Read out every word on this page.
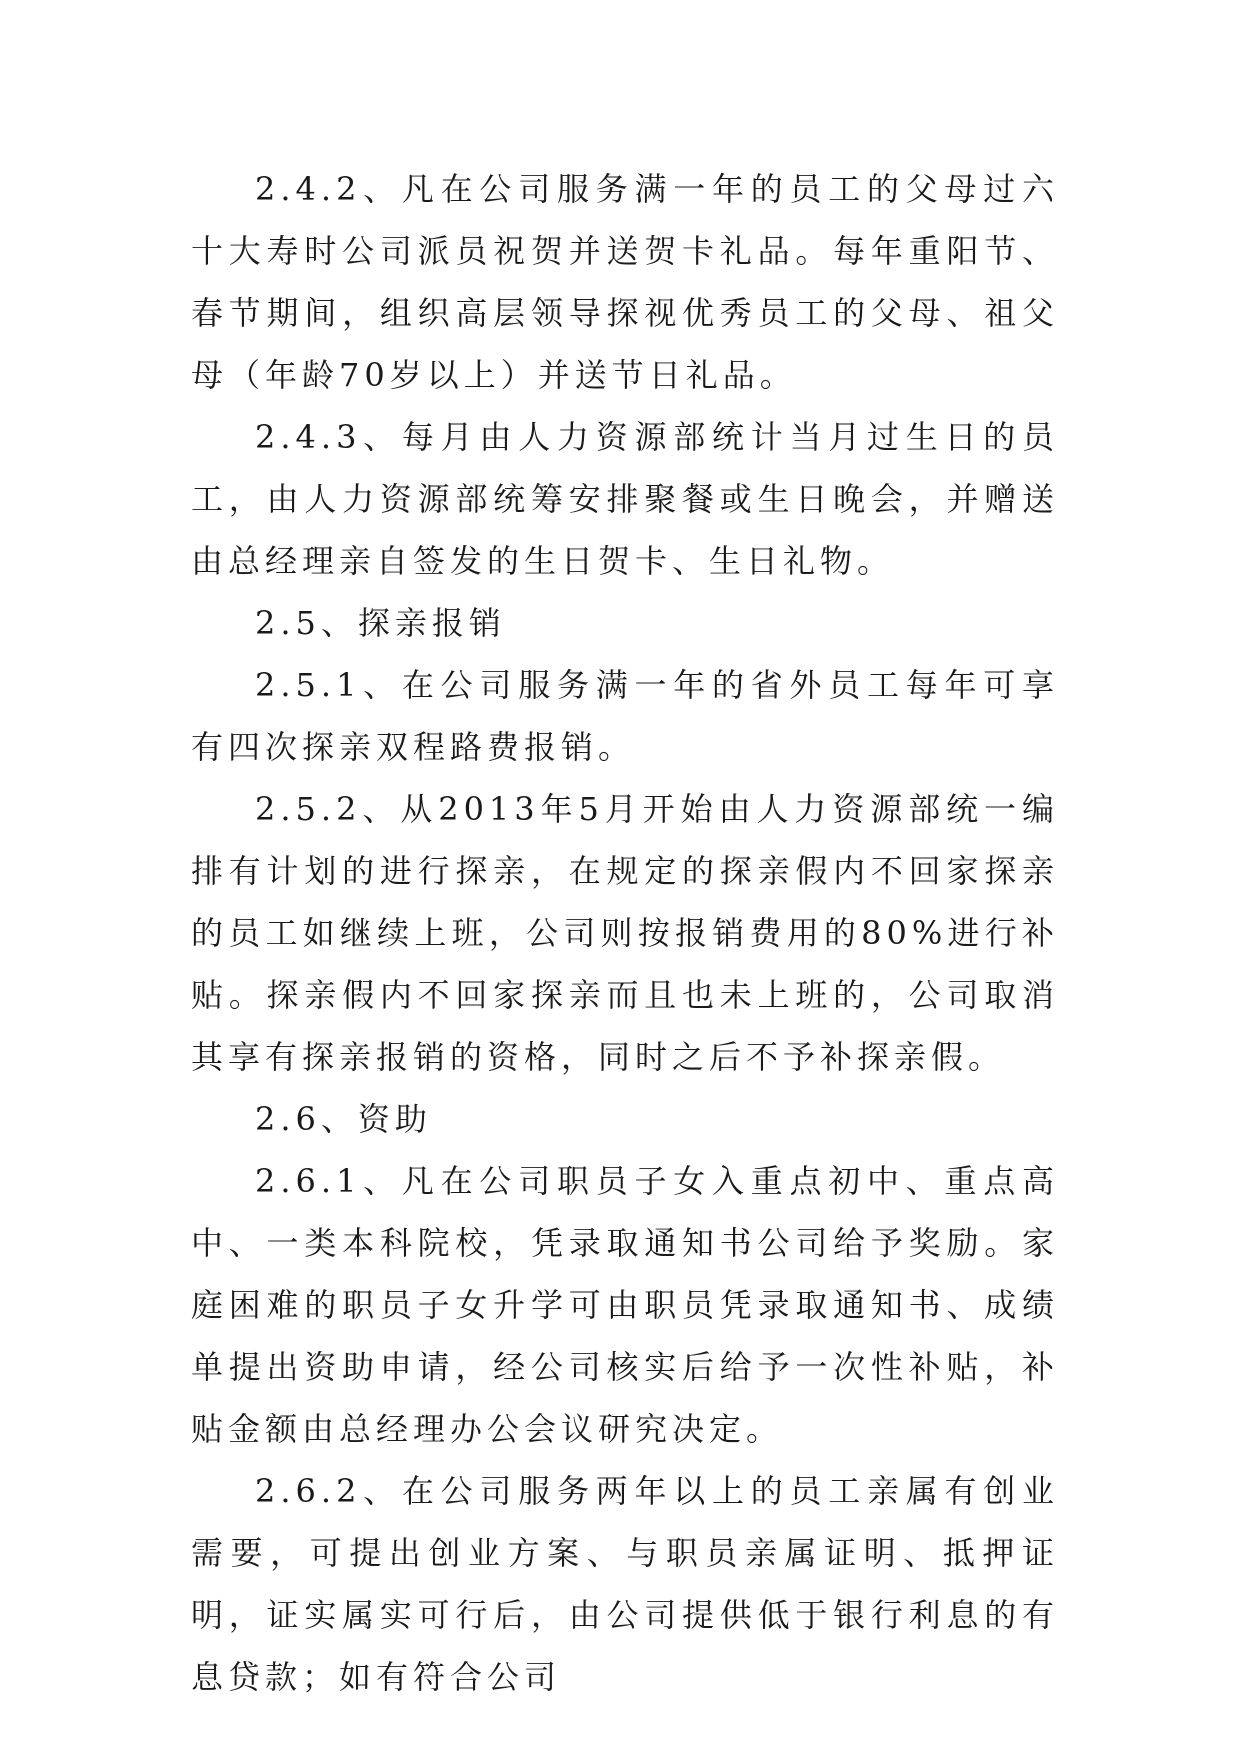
2.4.2、凡在公司服务满一年的员工的父母过六十大寿时公司派员祝贺并送贺卡礼品。每年重阳节、春节期间，组织高层领导探视优秀员工的父母、祖父母（年龄70岁以上）并送节日礼品。

2.4.3、每月由人力资源部统计当月过生日的员工，由人力资源部统筹安排聚餐或生日晚会，并赠送由总经理亲自签发的生日贺卡、生日礼物。

2.5、探亲报销

2.5.1、在公司服务满一年的省外员工每年可享有四次探亲双程路费报销。

2.5.2、从2013年5月开始由人力资源部统一编排有计划的进行探亲，在规定的探亲假内不回家探亲的员工如继续上班，公司则按报销费用的80%进行补贴。探亲假内不回家探亲而且也未上班的，公司取消其享有探亲报销的资格，同时之后不予补探亲假。

2.6、资助

2.6.1、凡在公司职员子女入重点初中、重点高中、一类本科院校，凭录取通知书公司给予奖励。家庭困难的职员子女升学可由职员凭录取通知书、成绩单提出资助申请，经公司核实后给予一次性补贴，补贴金额由总经理办公会议研究决定。

2.6.2、在公司服务两年以上的员工亲属有创业需要，可提出创业方案、与职员亲属证明、抵押证明，证实属实可行后，由公司提供低于银行利息的有息贷款；如有符合公司
